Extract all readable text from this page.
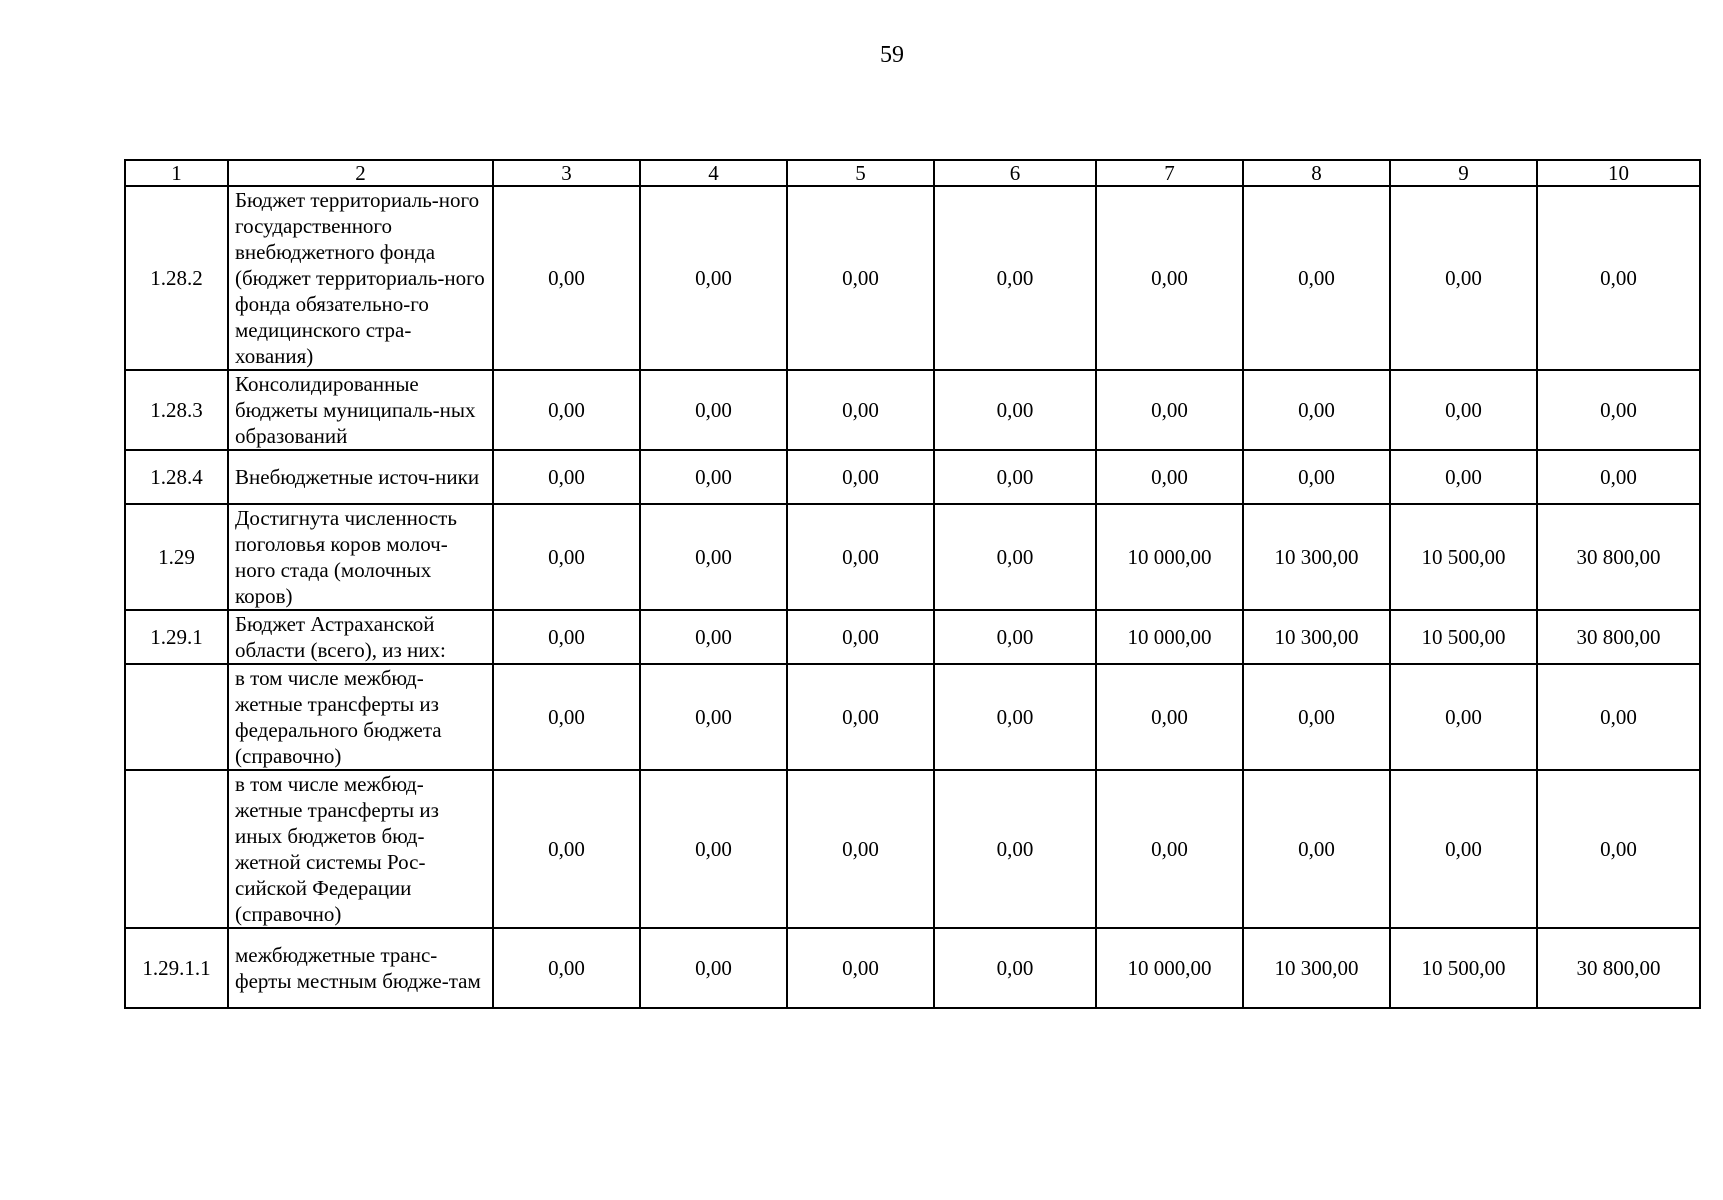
59
1	2	3	4	5	6	7	8	9	10
1.28.2	Бюджет территориаль-ного государственного внебюджетного фонда (бюджет территориаль-ного фонда обязательно-го медицинского стра-хования)	0,00	0,00	0,00	0,00	0,00	0,00	0,00	0,00
1.28.3	Консолидированные бюджеты муниципаль-ных образований	0,00	0,00	0,00	0,00	0,00	0,00	0,00	0,00
1.28.4	Внебюджетные источ-ники	0,00	0,00	0,00	0,00	0,00	0,00	0,00	0,00
1.29	Достигнута численность поголовья коров молоч-ного стада (молочных коров)	0,00	0,00	0,00	0,00	10 000,00	10 300,00	10 500,00	30 800,00
1.29.1	Бюджет Астраханской области (всего), из них:	0,00	0,00	0,00	0,00	10 000,00	10 300,00	10 500,00	30 800,00
	в том числе межбюд-жетные трансферты из федерального бюджета (справочно)	0,00	0,00	0,00	0,00	0,00	0,00	0,00	0,00
	в том числе межбюд-жетные трансферты из иных бюджетов бюд-жетной системы Рос-сийской Федерации (справочно)	0,00	0,00	0,00	0,00	0,00	0,00	0,00	0,00
1.29.1.1	межбюджетные транс-ферты местным бюдже-там	0,00	0,00	0,00	0,00	10 000,00	10 300,00	10 500,00	30 800,00
